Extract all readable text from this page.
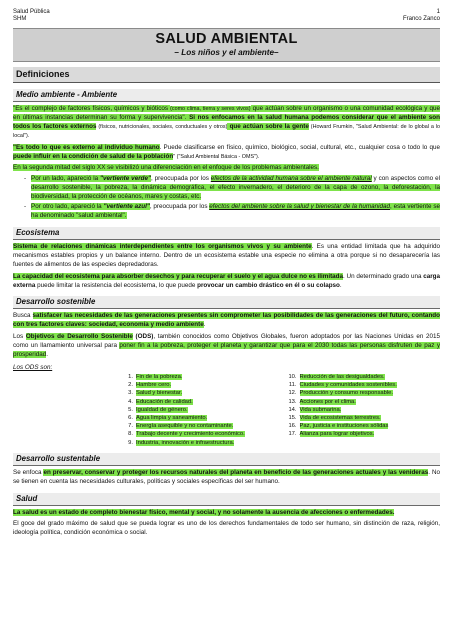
Salud Pública
SHM
1
Franco Zanco
SALUD AMBIENTAL
– Los niños y el ambiente–
Definiciones
Medio ambiente - Ambiente

"Es el complejo de factores físicos, químicos y bióticos (como clima, tierra y seres vivos) que actúan sobre un organismo o una comunidad ecológica y que en últimas instancias determinan su forma y supervivencia". Si nos enfocamos en la salud humana podemos considerar que el ambiente son todos los factores externos (físicos, nutricionales, sociales, conductuales y otros) que actúan sobre la gente (Howard Frumkin, "Salud Ambiental: de lo global a lo local").

"Es todo lo que es externo al individuo humano. Puede clasificarse en físico, químico, biológico, social, cultural, etc., cualquier cosa o todo lo que puede influir en la condición de salud de la población" ("Salud Ambiental Básica - OMS").

En la segunda mitad del siglo XX se visibilizó una diferenciación en el enfoque de los problemas ambientales.

- Por un lado, apareció la "vertiente verde", preocupada por los efectos de la actividad humana sobre el ambiente natural y con aspectos como el desarrollo sostenible, la pobreza, la dinámica demográfica, el efecto invernadero, el deterioro de la capa de ozono, la deforestación, la biodiversidad, la protección de océanos, mares y costas, etc.
- Por otro lado, apareció la "vertiente azul", preocupada por los efectos del ambiente sobre la salud y bienestar de la humanidad, esta vertiente se ha denominado "salud ambiental".
Ecosistema

Sistema de relaciones dinámicas interdependientes entre los organismos vivos y su ambiente. Es una entidad limitada que ha adquirido mecanismos estables propios y un balance interno. Dentro de un ecosistema estable una especie no elimina a otra porque si no desaparecería las fuentes de alimentos de las especies depredadoras.

La capacidad del ecosistema para absorber desechos y para recuperar el suelo y el agua dulce no es ilimitada. Un determinado grado una carga externa puede limitar la resistencia del ecosistema, lo que puede provocar un cambio drástico en él o su colapso.

Desarrollo sostenible

Busca satisfacer las necesidades de las generaciones presentes sin comprometer las posibilidades de las generaciones del futuro, contando con tres factores claves: sociedad, economía y medio ambiente.

Los Objetivos de Desarrollo Sostenible (ODS), también conocidos como Objetivos Globales, fueron adoptados por las Naciones Unidas en 2015 como un llamamiento universal para poner fin a la pobreza, proteger el planeta y garantizar que para el 2030 todas las personas disfruten de paz y prosperidad.

Los ODS son:
1. Fin de la pobreza.
2. Hambre cero.
3. Salud y bienestar.
4. Educación de calidad.
5. Igualdad de género.
6. Agua limpia y saneamiento.
7. Energía asequible y no contaminante.
8. Trabajo decente y crecimiento económico.
9. Industria, innovación e infraestructura.
10. Reducción de las desigualdades.
11. Ciudades y comunidades sostenibles.
12. Producción y consumo responsable.
13. Acciones por el clima.
14. Vida submarina.
15. Vida de ecosistemas terrestres.
16. Paz, justicia e instituciones sólidas
17. Alianza para lograr objetivos.
Desarrollo sustentable

Se enfoca en preservar, conservar y proteger los recursos naturales del planeta en beneficio de las generaciones actuales y las venideras. No se tienen en cuenta las necesidades culturales, políticas y sociales específicas del ser humano.

Salud

La salud es un estado de completo bienestar físico, mental y social, y no solamente la ausencia de afecciones o enfermedades.

El goce del grado máximo de salud que se pueda lograr es uno de los derechos fundamentales de todo ser humano, sin distinción de raza, religión, ideología política, condición económica o social.
